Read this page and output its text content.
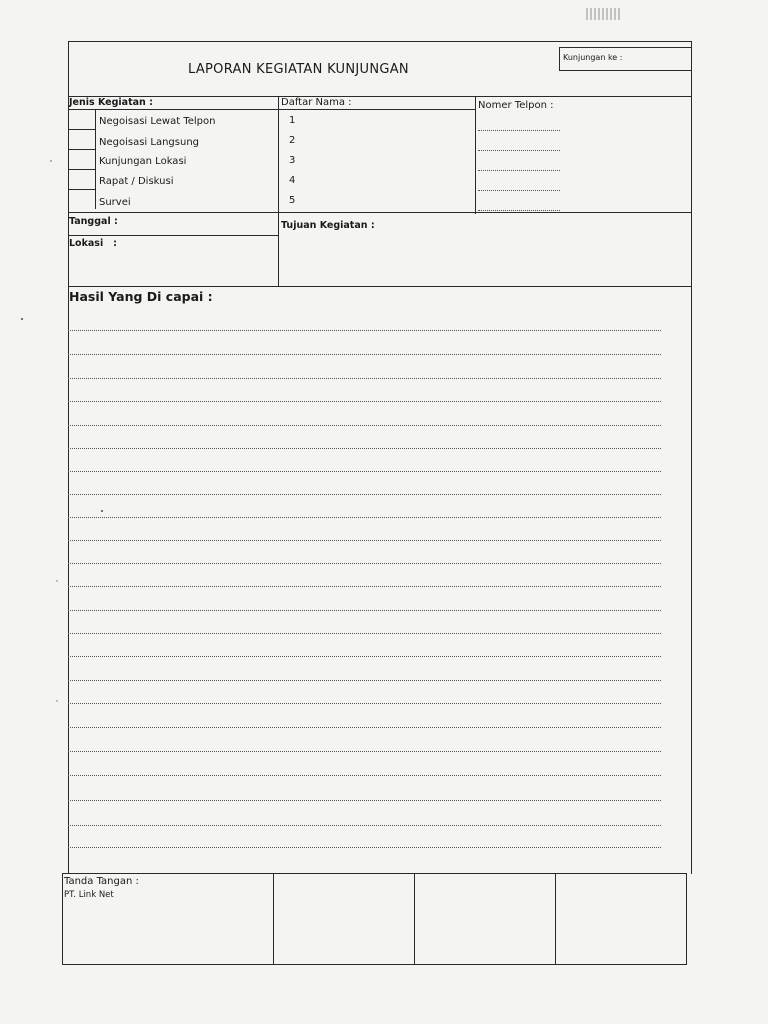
LAPORAN KEGIATAN KUNJUNGAN
Kunjungan ke :
Jenis Kegiatan :
Negoisasi Lewat Telpon
Negoisasi Langsung
Kunjungan Lokasi
Rapat / Diskusi
Survei
Daftar Nama :
1
2
3
4
5
Nomer Telpon :
Tanggal :
Lokasi   :
Tujuan Kegiatan :
Hasil Yang Di capai :
Tanda Tangan :
PT. Link Net
